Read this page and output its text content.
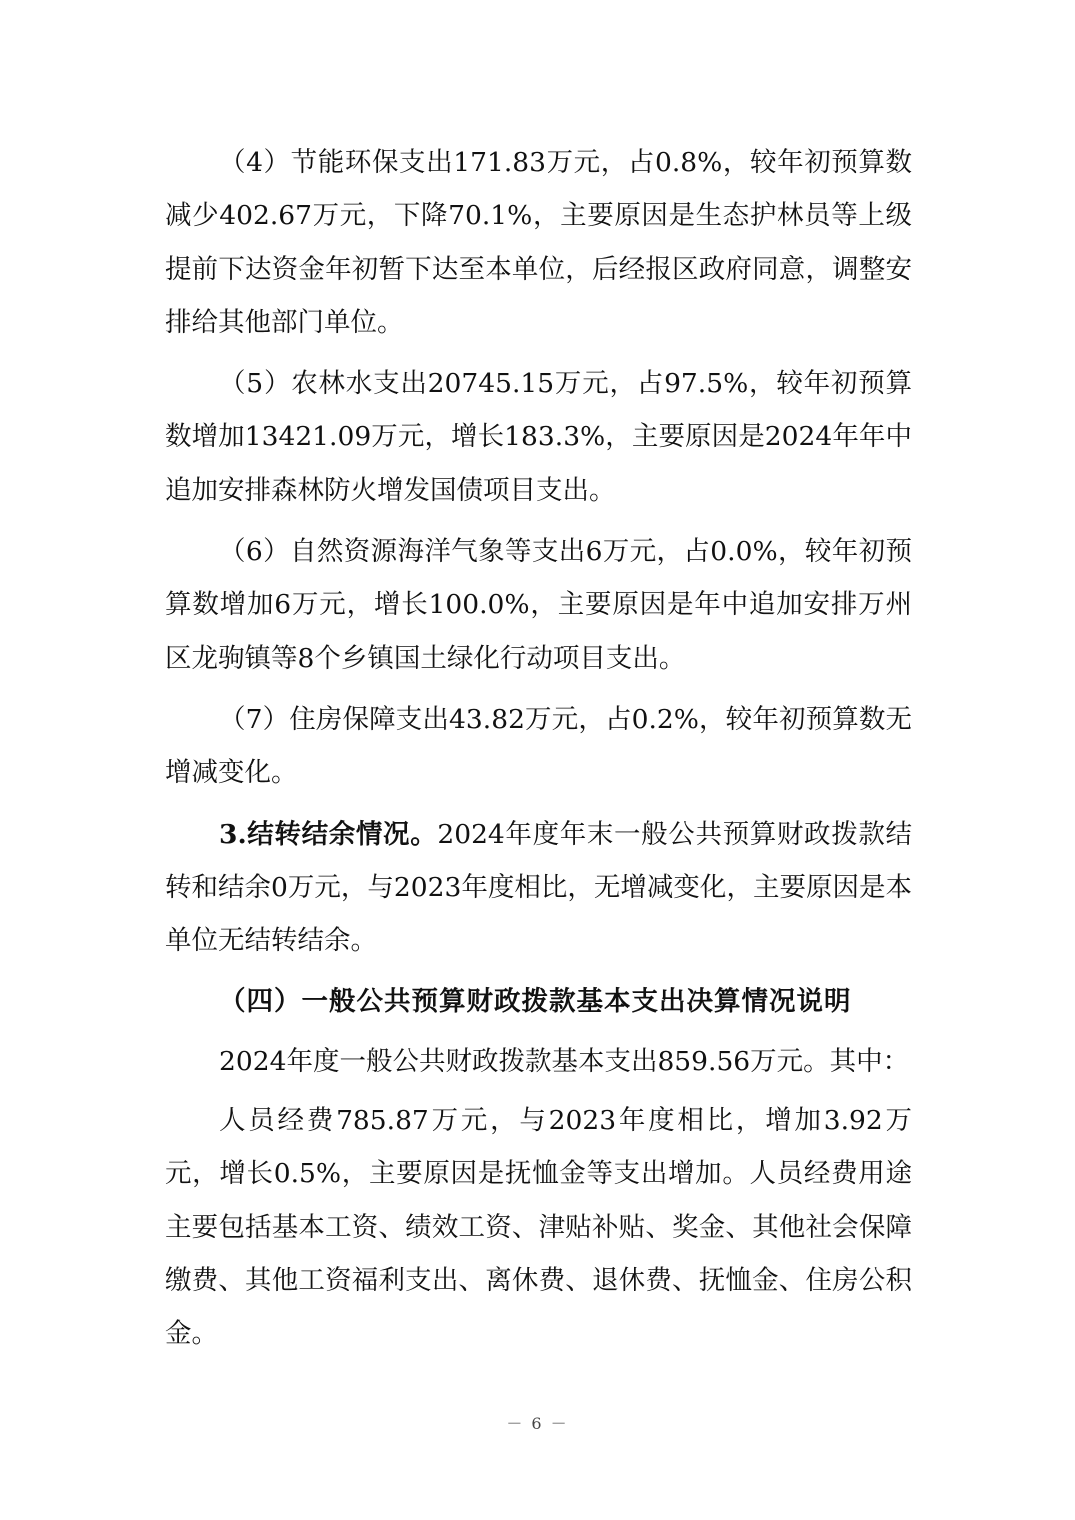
（4）节能环保支出171.83万元，占0.8%，较年初预算数减少402.67万元，下降70.1%，主要原因是生态护林员等上级提前下达资金年初暂下达至本单位，后经报区政府同意，调整安排给其他部门单位。

（5）农林水支出20745.15万元，占97.5%，较年初预算数增加13421.09万元，增长183.3%，主要原因是2024年年中追加安排森林防火增发国债项目支出。

（6）自然资源海洋气象等支出6万元，占0.0%，较年初预算数增加6万元，增长100.0%，主要原因是年中追加安排万州区龙驹镇等8个乡镇国土绿化行动项目支出。

（7）住房保障支出43.82万元，占0.2%，较年初预算数无增减变化。

3.结转结余情况。2024年度年末一般公共预算财政拨款结转和结余0万元，与2023年度相比，无增减变化，主要原因是本单位无结转结余。

（四）一般公共预算财政拨款基本支出决算情况说明

2024年度一般公共财政拨款基本支出859.56万元。其中：

人员经费785.87万元，与2023年度相比，增加3.92万元，增长0.5%，主要原因是抚恤金等支出增加。人员经费用途主要包括基本工资、绩效工资、津贴补贴、奖金、其他社会保障缴费、其他工资福利支出、离休费、退休费、抚恤金、住房公积金。

－ 6 －
